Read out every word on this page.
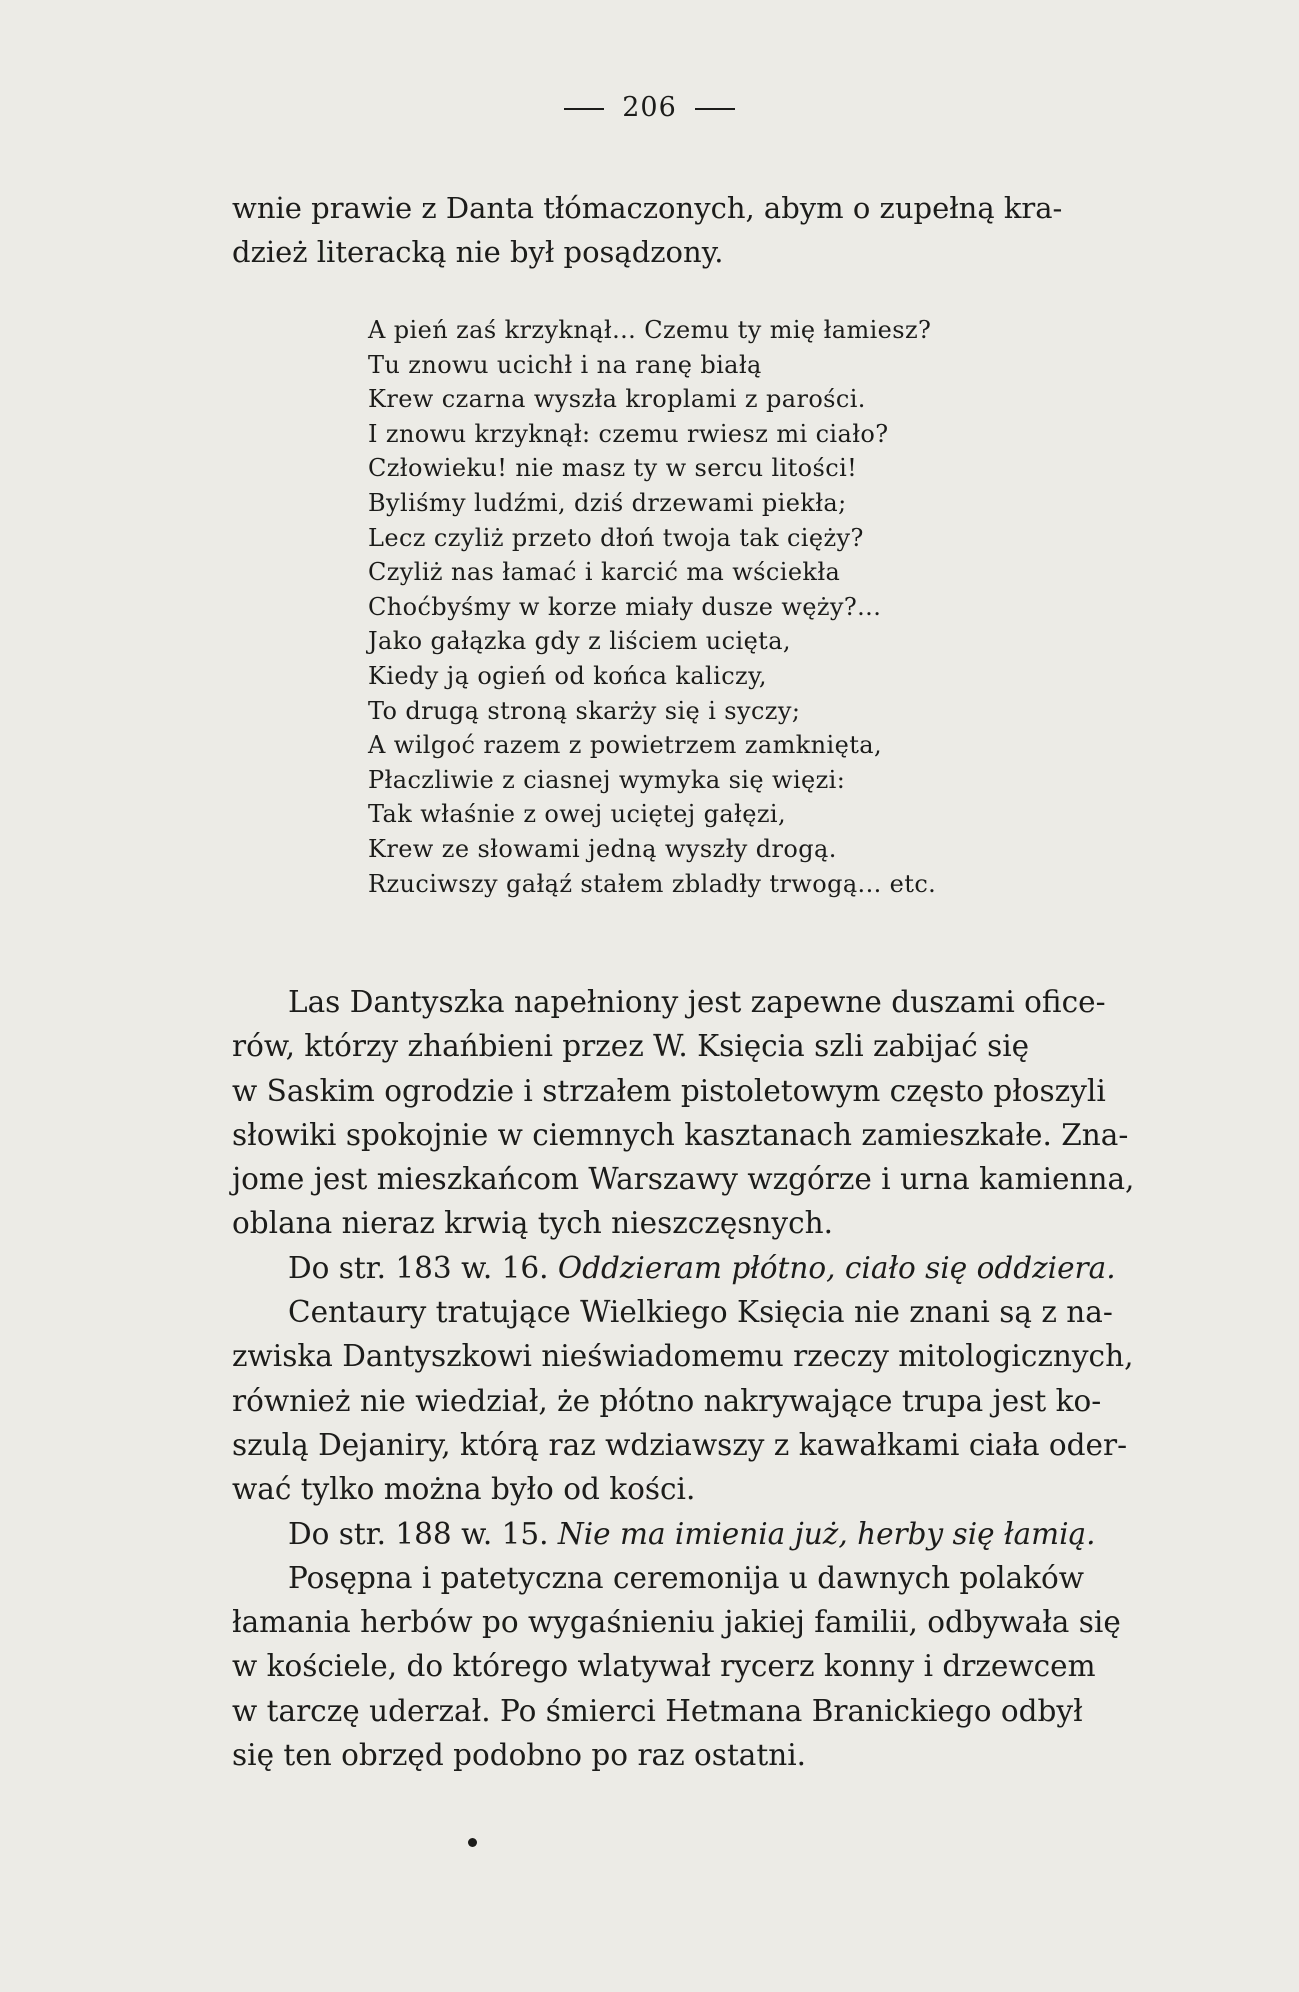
206
wnie prawie z Danta tłómaczonych, abym o zupełną kra-
dzież literacką nie był posądzony.
A pień zaś krzyknął... Czemu ty mię łamiesz?
Tu znowu ucichł i na ranę białą
Krew czarna wyszła kroplami z parości.
I znowu krzyknął: czemu rwiesz mi ciało?
Człowieku! nie masz ty w sercu litości!
Byliśmy ludźmi, dziś drzewami piekła;
Lecz czyliż przeto dłoń twoja tak cięży?
Czyliż nas łamać i karcić ma wściekła
Choćbyśmy w korze miały dusze węży?...
Jako gałązka gdy z liściem ucięta,
Kiedy ją ogień od końca kaliczy,
To drugą stroną skarży się i syczy;
A wilgoć razem z powietrzem zamknięta,
Płaczliwie z ciasnej wymyka się więzi:
Tak właśnie z owej uciętej gałęzi,
Krew ze słowami jedną wyszły drogą.
Rzuciwszy gałąź stałem zbladły trwogą... etc.
Las Dantyszka napełniony jest zapewne duszami ofice-
rów, którzy zhańbieni przez W. Księcia szli zabijać się
w Saskim ogrodzie i strzałem pistoletowym często płoszyli
słowiki spokojnie w ciemnych kasztanach zamieszkałe. Zna-
jome jest mieszkańcom Warszawy wzgórze i urna kamienna,
oblana nieraz krwią tych nieszczęsnych.
Do str. 183 w. 16. Oddzieram płótno, ciało się oddziera.
Centaury tratujące Wielkiego Księcia nie znani są z na-
zwiska Dantyszkowi nieświadomemu rzeczy mitologicznych,
również nie wiedział, że płótno nakrywające trupa jest ko-
szulą Dejaniry, którą raz wdziawszy z kawałkami ciała oder-
wać tylko można było od kości.
Do str. 188 w. 15. Nie ma imienia już, herby się łamią.
Posępna i patetyczna ceremonija u dawnych polaków
łamania herbów po wygaśnieniu jakiej familii, odbywała się
w kościele, do którego wlatywał rycerz konny i drzewcem
w tarczę uderzał. Po śmierci Hetmana Branickiego odbył
się ten obrzęd podobno po raz ostatni.
